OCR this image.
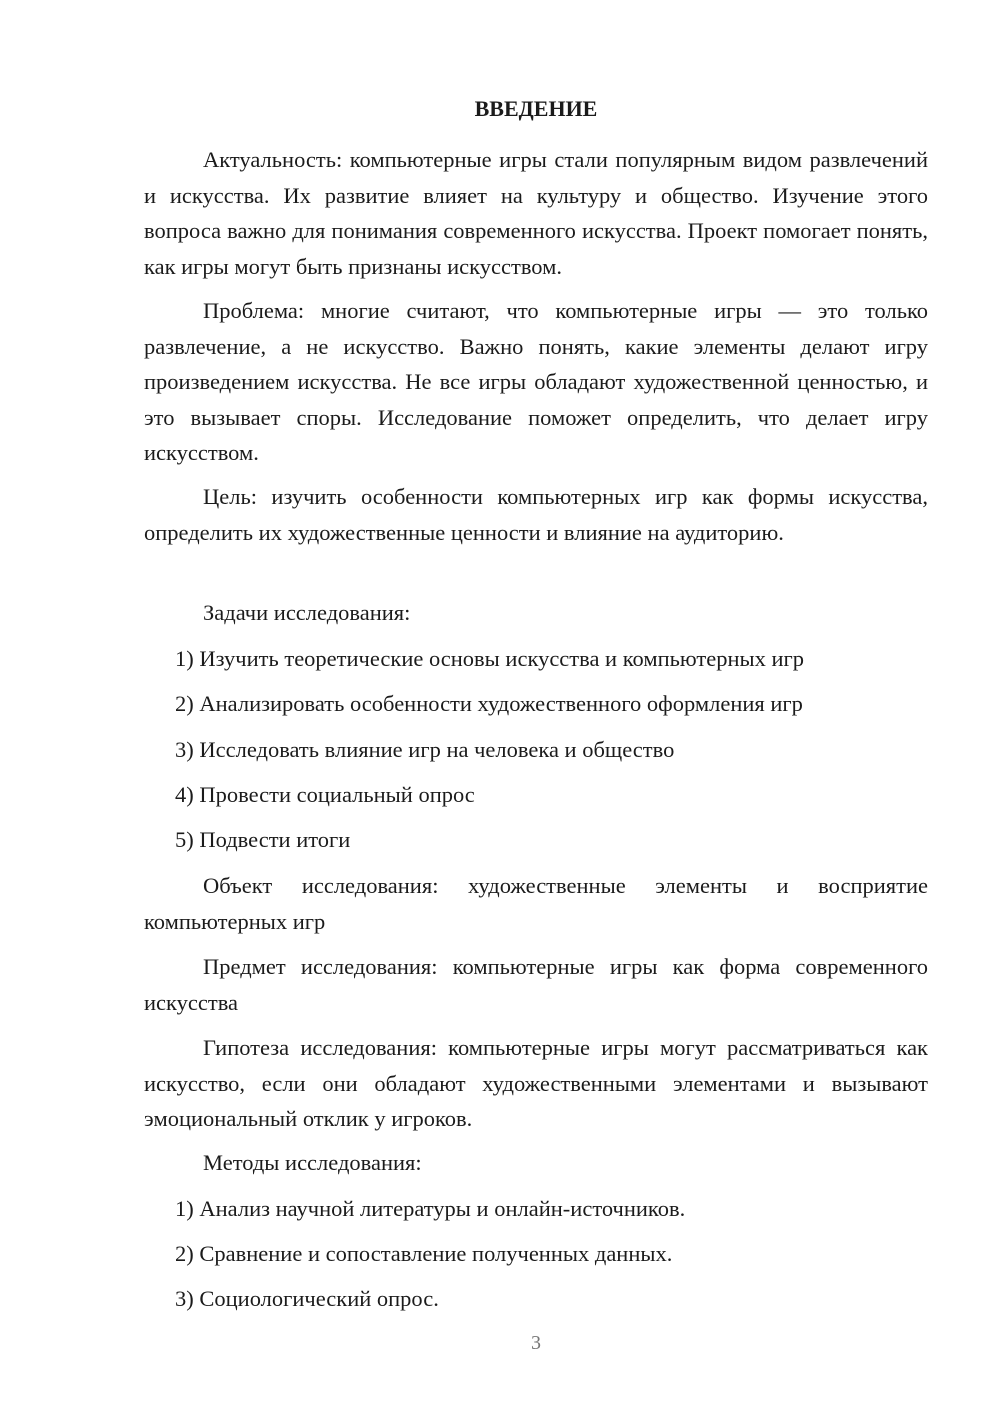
ВВЕДЕНИЕ

Актуальность: компьютерные игры стали популярным видом развлечений и искусства. Их развитие влияет на культуру и общество. Изучение этого вопроса важно для понимания современного искусства. Проект помогает понять, как игры могут быть признаны искусством.

Проблема: многие считают, что компьютерные игры — это только развлечение, а не искусство. Важно понять, какие элементы делают игру произведением искусства. Не все игры обладают художественной ценностью, и это вызывает споры. Исследование поможет определить, что делает игру искусством.

Цель: изучить особенности компьютерных игр как формы искусства, определить их художественные ценности и влияние на аудиторию.

Задачи исследования:

1) Изучить теоретические основы искусства и компьютерных игр

2) Анализировать особенности художественного оформления игр

3) Исследовать влияние игр на человека и общество

4) Провести социальный опрос

5) Подвести итоги

Объект исследования: художественные элементы и восприятие компьютерных игр

Предмет исследования: компьютерные игры как форма современного искусства

Гипотеза исследования: компьютерные игры могут рассматриваться как искусство, если они обладают художественными элементами и вызывают эмоциональный отклик у игроков.

Методы исследования:

1) Анализ научной литературы и онлайн-источников.

2) Сравнение и сопоставление полученных данных.

3) Социологический опрос.

3
